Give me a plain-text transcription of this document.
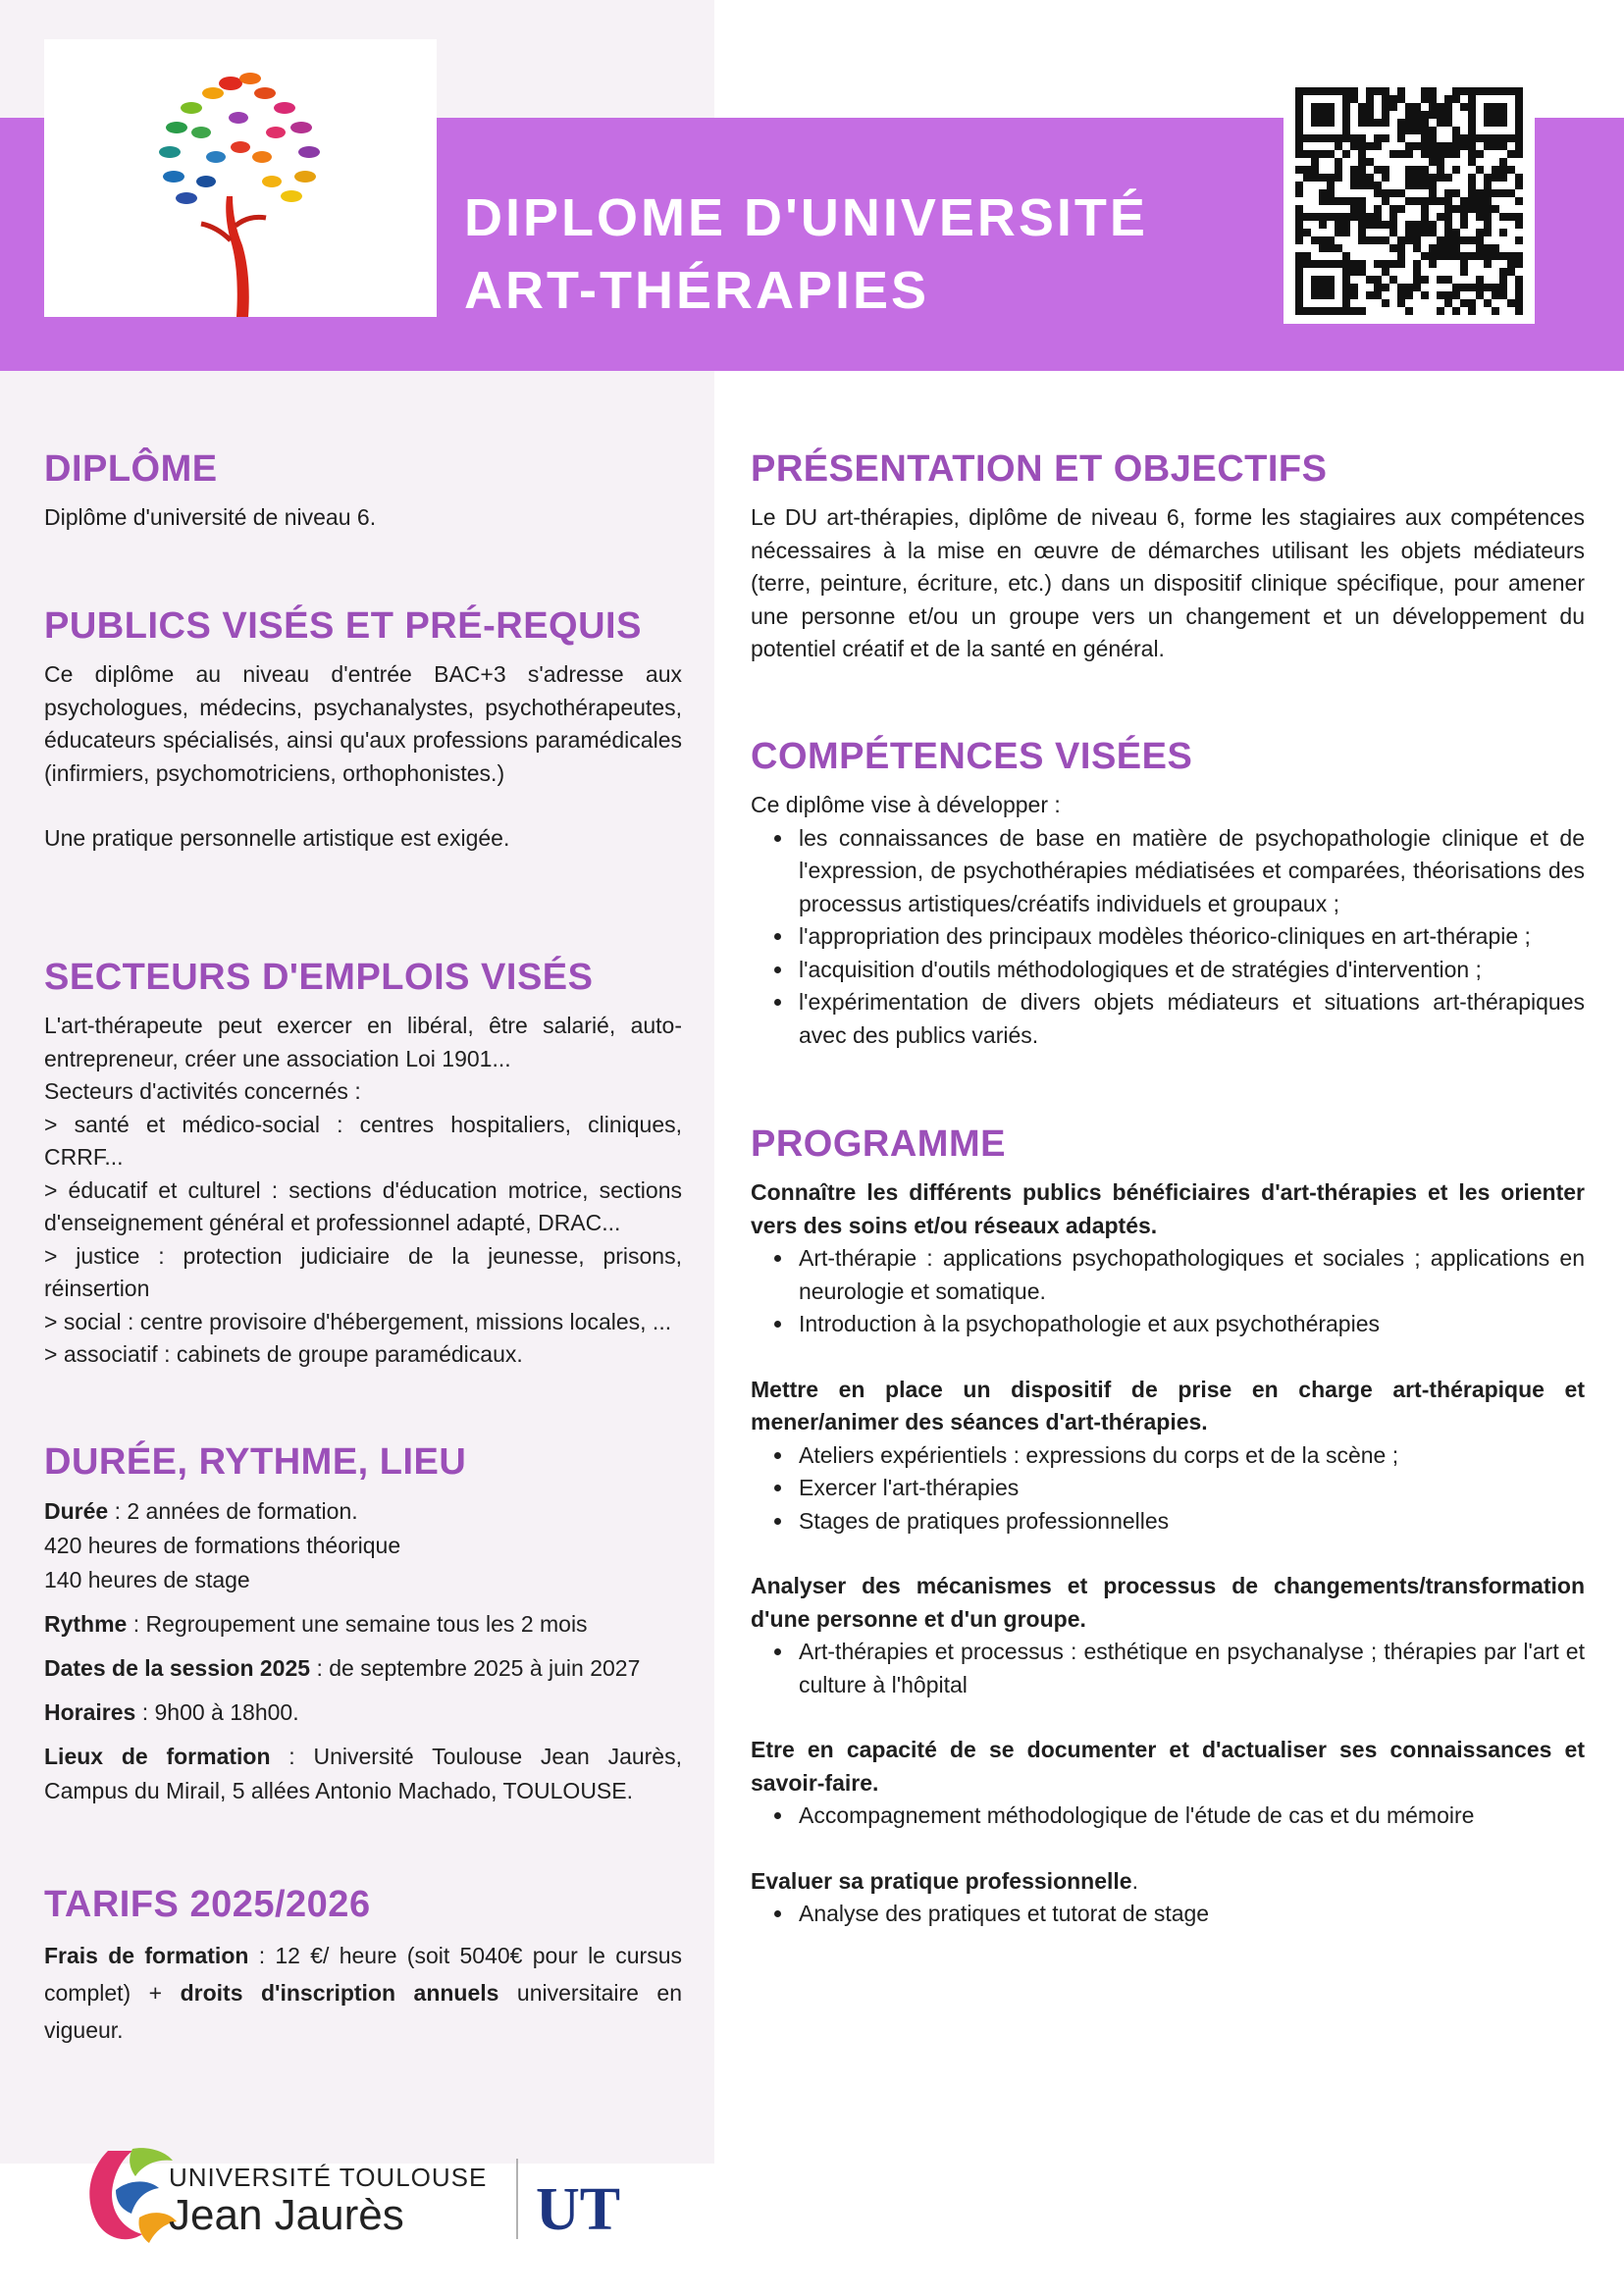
DIPLOME D'UNIVERSITÉ
ART-THÉRAPIES
DIPLÔME

Diplôme d'université de niveau 6.

PUBLICS VISÉS ET PRÉ-REQUIS

Ce diplôme au niveau d'entrée BAC+3 s'adresse aux psychologues, médecins, psychanalystes, psychothérapeutes, éducateurs spécialisés, ainsi qu'aux professions paramédicales (infirmiers, psychomotriciens, orthophonistes.)

Une pratique personnelle artistique est exigée.

SECTEURS D'EMPLOIS VISÉS

L'art-thérapeute peut exercer en libéral, être salarié, auto-entrepreneur, créer une association Loi 1901...

Secteurs d'activités concernés :

> santé et médico-social : centres hospitaliers, cliniques, CRRF...

> éducatif et culturel : sections d'éducation motrice, sections d'enseignement général et professionnel adapté, DRAC...

> justice : protection judiciaire de la jeunesse, prisons, réinsertion

> social : centre provisoire d'hébergement, missions locales, ...

> associatif : cabinets de groupe paramédicaux.

DURÉE, RYTHME, LIEU

Durée : 2 années de formation.

420 heures de formations théorique

140 heures de stage

Rythme : Regroupement une semaine tous les 2 mois

Dates de la session 2025 : de septembre 2025 à juin 2027

Horaires : 9h00 à 18h00.

Lieux de formation : Université Toulouse Jean Jaurès, Campus du Mirail, 5 allées Antonio Machado, TOULOUSE.

TARIFS 2025/2026

Frais de formation : 12 €/ heure (soit 5040€ pour le cursus complet) + droits d'inscription annuels universitaire en vigueur.

PRÉSENTATION ET OBJECTIFS

Le DU art-thérapies, diplôme de niveau 6, forme les stagiaires aux compétences nécessaires à la mise en œuvre de démarches utilisant les objets médiateurs (terre, peinture, écriture, etc.) dans un dispositif clinique spécifique, pour amener une personne et/ou un groupe vers un changement et un développement du potentiel créatif et de la santé en général.

COMPÉTENCES VISÉES

Ce diplôme vise à développer :

• les connaissances de base en matière de psychopathologie clinique et de l'expression, de psychothérapies médiatisées et comparées, théorisations des processus artistiques/créatifs individuels et groupaux ;
• l'appropriation des principaux modèles théorico-cliniques en art-thérapie ;
• l'acquisition d'outils méthodologiques et de stratégies d'intervention ;
• l'expérimentation de divers objets médiateurs et situations art-thérapiques avec des publics variés.
PROGRAMME

Connaître les différents publics bénéficiaires d'art-thérapies et les orienter vers des soins et/ou réseaux adaptés.

• Art-thérapie : applications psychopathologiques et sociales ; applications en neurologie et somatique.
• Introduction à la psychopathologie et aux psychothérapies

Mettre en place un dispositif de prise en charge art-thérapique et mener/animer des séances d'art-thérapies.

• Ateliers expérientiels : expressions du corps et de la scène ;
• Exercer l'art-thérapies
• Stages de pratiques professionnelles

Analyser des mécanismes et processus de changements/transformation d'une personne et d'un groupe.

• Art-thérapies et processus : esthétique en psychanalyse ; thérapies par l'art et culture à l'hôpital

Etre en capacité de se documenter et d'actualiser ses connaissances et savoir-faire.

• Accompagnement méthodologique de l'étude de cas et du mémoire

Evaluer sa pratique professionnelle.

• Analyse des pratiques et tutorat de stage
UNIVERSITÉ TOULOUSE
Jean Jaurès UT
